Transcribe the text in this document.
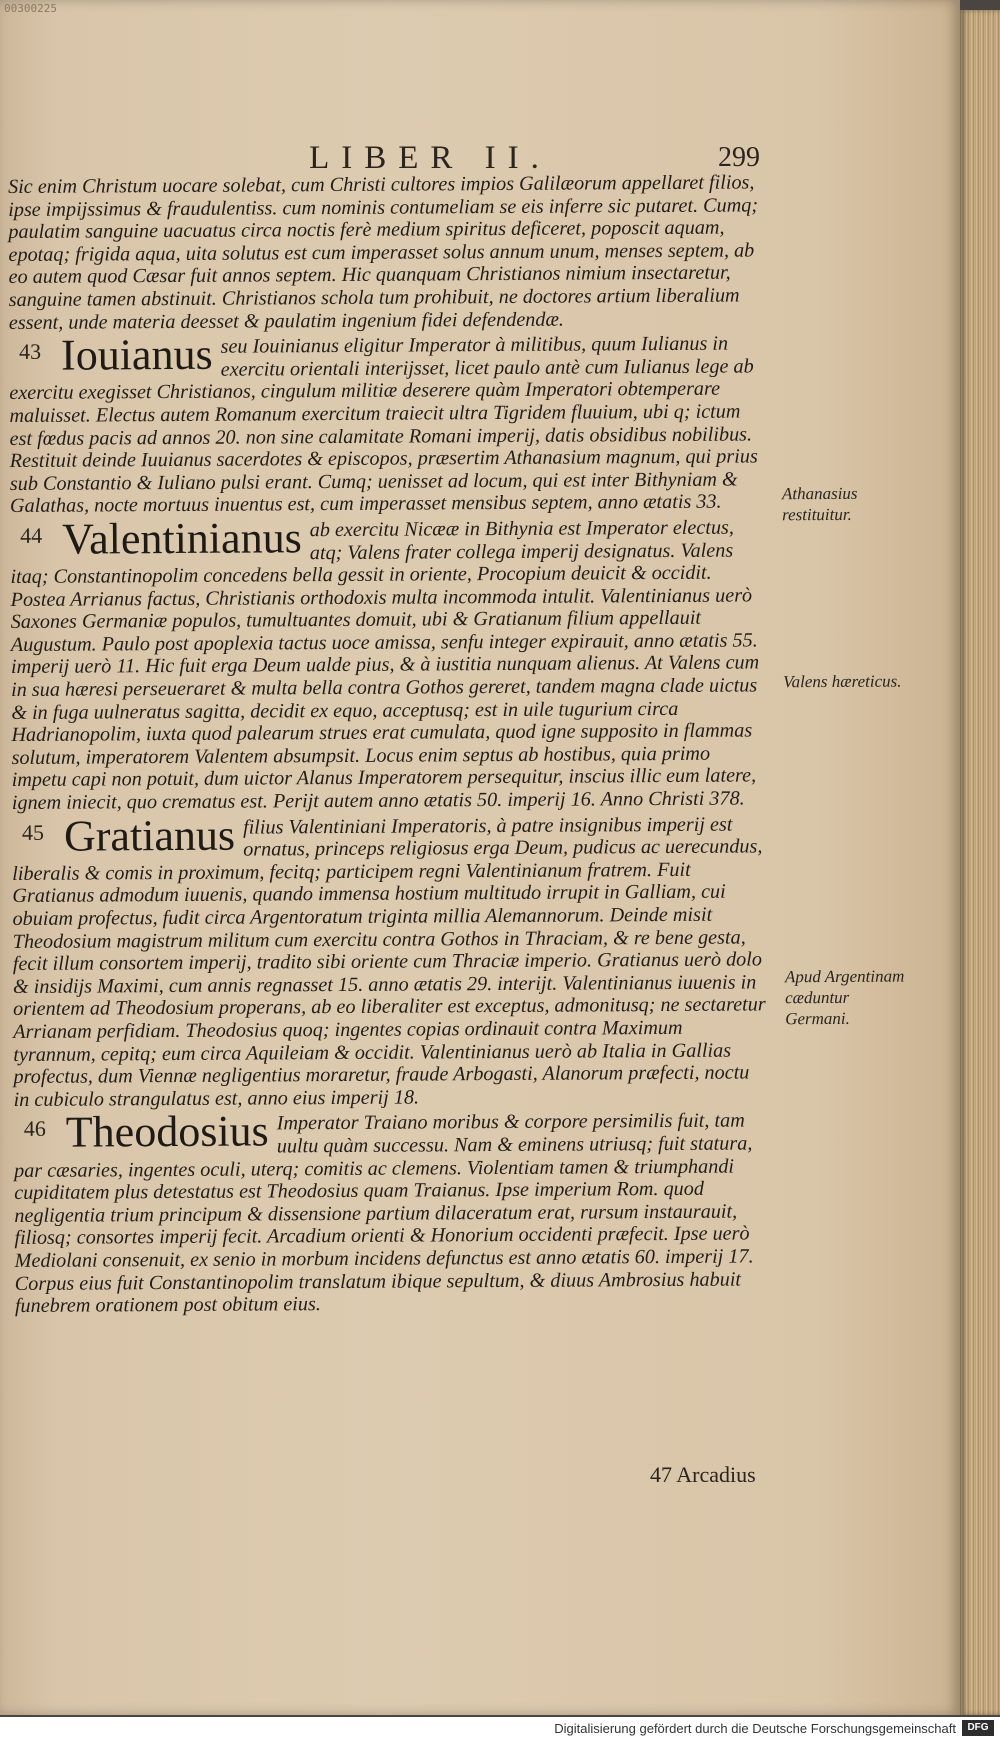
00300225
LIBER II.	299

Sic enim Christum uocare solebat, cum Christi cultores impios Galilæorum appellaret filios, ipse impijssimus & fraudulentiss. cum nominis contumeliam se eis inferre sic putaret. Cumq; paulatim sanguine uacuatus circa noctis ferè medium spiritus deficeret, poposcit aquam, epotaq; frigida aqua, uita solutus est cum imperasset solus annum unum, menses septem, ab eo autem quod Cæsar fuit annos septem. Hic quanquam Christianos nimium insectaretur, sanguine tamen abstinuit. Christianos schola tum prohibuit, ne doctores artium liberalium essent, unde materia deesset & paulatim ingenium fidei defendendæ.

43 Iouianus seu Iouinianus eligitur Imperator à militibus, quum Iulianus in exercitu orientali interijsset, licet paulo antè cum Iulianus lege ab exercitu exegisset Christianos, cingulum militiæ deserere quàm Imperatori obtemperare maluisset. Electus autem Romanum exercitum traiecit ultra Tigridem fluuium, ubi q; ictum est fœdus pacis ad annos 20. non sine calamitate Romani imperij, datis obsidibus nobilibus. Restituit deinde Iuuianus sacerdotes & episcopos, præsertim Athanasium magnum, qui prius sub Constantio & Iuliano pulsi erant. Cumq; uenisset ad locum, qui est inter Bithyniam & Galathas, nocte mortuus inuentus est, cum imperasset mensibus septem, anno ætatis 33.
44 Valentinianus ab exercitu Nicææ in Bithynia est Imperator electus, atq; Valens frater collega imperij designatus. Valens itaq; Constantinopolim concedens bella gessit in oriente, Procopium deuicit & occidit. Postea Arrianus factus, Christianis orthodoxis multa incommoda intulit. Valentinianus uerò Saxones Germaniæ populos, tumultuantes domuit, ubi & Gratianum filium appellauit Augustum. Paulo post apoplexia tactus uoce amissa, senfu integer expirauit, anno ætatis 55. imperij uerò 11. Hic fuit erga Deum ualde pius, & à iustitia nunquam alienus. At Valens cum in sua hæresi perseueraret & multa bella contra Gothos gereret, tandem magna clade uictus & in fuga uulneratus sagitta, decidit ex equo, acceptusq; est in uile tugurium circa Hadrianopolim, iuxta quod palearum strues erat cumulata, quod igne supposito in flammas solutum, imperatorem Valentem absumpsit. Locus enim septus ab hostibus, quia primo impetu capi non potuit, dum uictor Alanus Imperatorem persequitur, inscius illic eum latere, ignem iniecit, quo crematus est. Perijt autem anno ætatis 50. imperij 16. Anno Christi 378.
45 Gratianus filius Valentiniani Imperatoris, à patre insignibus imperij est ornatus, princeps religiosus erga Deum, pudicus ac uerecundus, liberalis & comis in proximum, fecitq; participem regni Valentinianum fratrem. Fuit Gratianus admodum iuuenis, quando immensa hostium multitudo irrupit in Galliam, cui obuiam profectus, fudit circa Argentoratum triginta millia Alemannorum. Deinde misit Theodosium magistrum militum cum exercitu contra Gothos in Thraciam, & re bene gesta, fecit illum consortem imperij, tradito sibi oriente cum Thraciæ imperio. Gratianus uerò dolo & insidijs Maximi, cum annis regnasset 15. anno ætatis 29. interijt. Valentinianus iuuenis in orientem ad Theodosium properans, ab eo liberaliter est exceptus, admonitusq; ne sectaretur Arrianam perfidiam. Theodosius quoq; ingentes copias ordinauit contra Maximum tyrannum, cepitq; eum circa Aquileiam & occidit. Valentinianus uerò ab Italia in Gallias profectus, dum Viennæ negligentius moraretur, fraude Arbogasti, Alanorum præfecti, noctu in cubiculo strangulatus est, anno eius imperij 18.
46 Theodosius Imperator Traiano moribus & corpore persimilis fuit, tam uultu quàm successu. Nam & eminens utriusq; fuit statura, par cæsaries, ingentes oculi, uterq; comitis ac clemens. Violentiam tamen & triumphandi cupiditatem plus detestatus est Theodosius quam Traianus. Ipse imperium Rom. quod negligentia trium principum & dissensione partium dilaceratum erat, rursum instaurauit, filiosq; consortes imperij fecit. Arcadium orienti & Honorium occidenti præfecit. Ipse uerò Mediolani consenuit, ex senio in morbum incidens defunctus est anno ætatis 60. imperij 17. Corpus eius fuit Constantinopolim translatum ibique sepultum, & diuus Ambrosius habuit funebrem orationem post obitum eius.
Athanasius restituitur.
Valens hæreticus.
Apud Argentinam cæduntur Germani.
47 Arcadius
Digitalisierung gefördert durch die Deutsche Forschungsgemeinschaft	DFG
